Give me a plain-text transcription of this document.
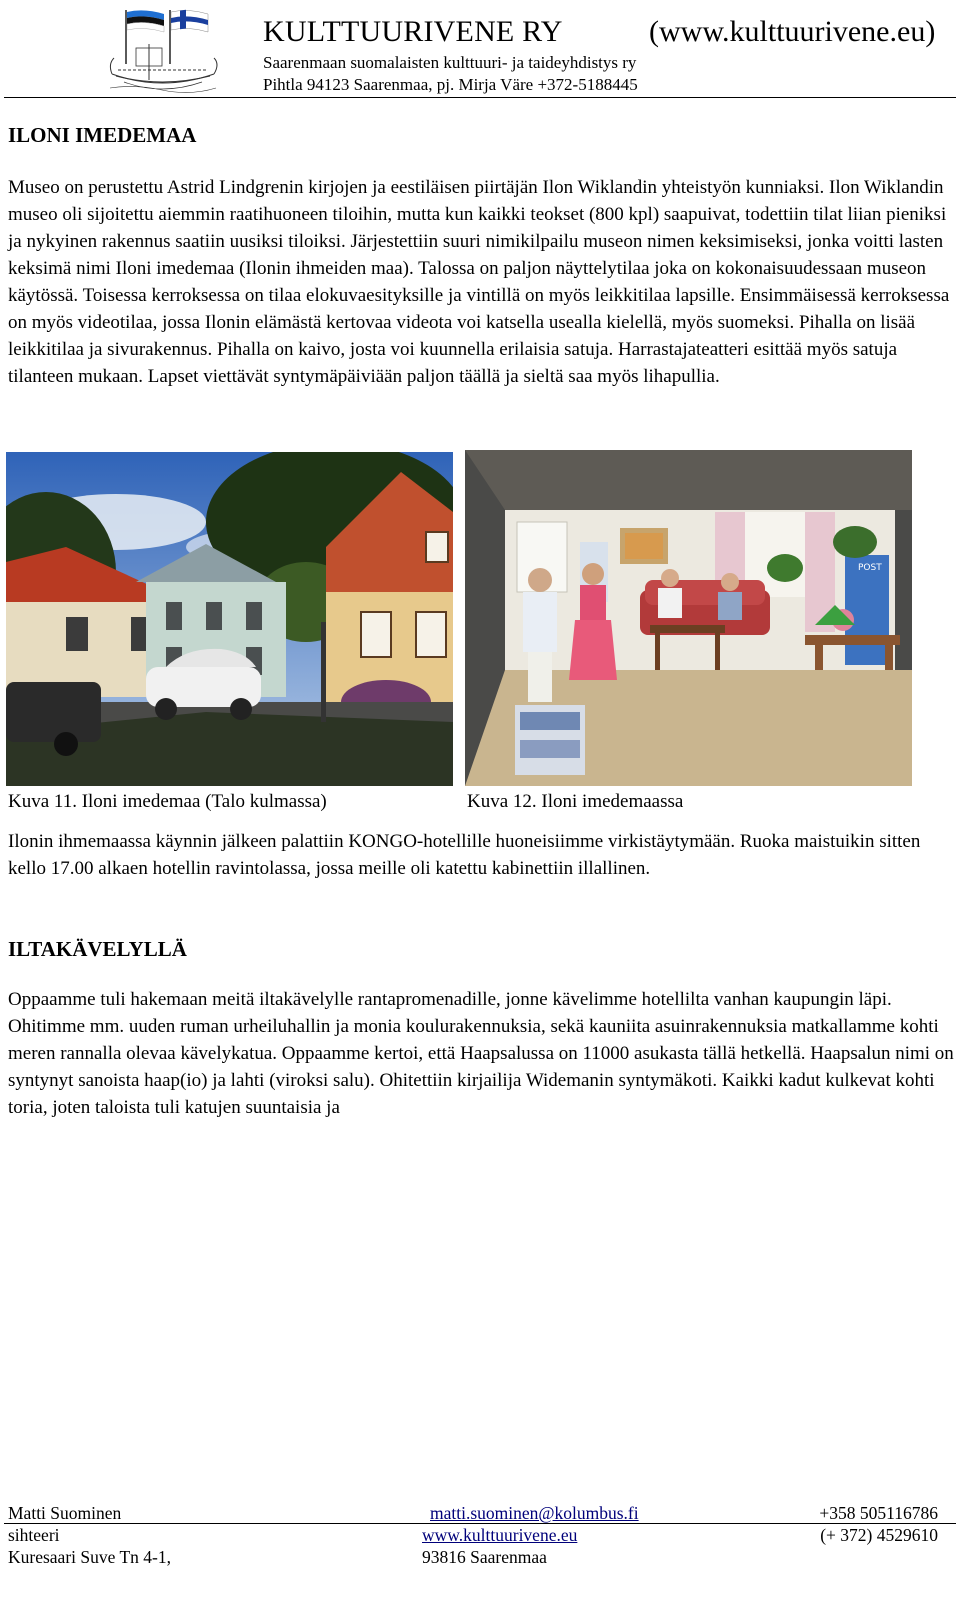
KULTTUURIVENE RY	(www.kulttuurivene.eu)
Saarenmaan suomalaisten kulttuuri- ja taideyhdistys ry
Pihtla 94123 Saarenmaa, pj. Mirja Väre +372-5188445
ILONI IMEDEMAA
Museo on perustettu Astrid Lindgrenin kirjojen ja eestiläisen piirtäjän Ilon Wiklandin yhteistyön kunniaksi. Ilon Wiklandin museo oli sijoitettu aiemmin raatihuoneen tiloihin, mutta kun kaikki teokset (800 kpl) saapuivat, todettiin tilat liian pieniksi ja nykyinen rakennus saatiin uusiksi tiloiksi. Järjestettiin suuri nimikilpailu museon nimen keksimiseksi, jonka voitti lasten keksimä nimi Iloni imedemaa (Ilonin ihmeiden maa). Talossa on paljon näyttelytilaa joka on kokonaisuudessaan museon käytössä. Toisessa kerroksessa on tilaa elokuvaesityksille ja vintillä on myös leikkitilaa lapsille. Ensimmäisessä kerroksessa on myös videotilaa, jossa Ilonin elämästä kertovaa videota voi katsella usealla kielellä, myös suomeksi. Pihalla on lisää leikkitilaa ja sivurakennus. Pihalla on kaivo, josta voi kuunnella erilaisia satuja. Harrastajateatteri esittää myös satuja tilanteen mukaan. Lapset viettävät syntymäpäiviään paljon täällä ja sieltä saa myös lihapullia.
POST
Kuva 11. Iloni imedemaa (Talo kulmassa)	Kuva 12. Iloni imedemaassa
Ilonin ihmemaassa käynnin jälkeen palattiin KONGO-hotellille huoneisiimme virkistäytymään. Ruoka maistuikin sitten kello 17.00 alkaen hotellin ravintolassa, jossa meille oli katettu kabinettiin illallinen.
ILTAKÄVELYLLÄ
Oppaamme tuli hakemaan meitä iltakävelylle rantapromenadille, jonne kävelimme hotellilta vanhan kaupungin läpi. Ohitimme mm. uuden ruman urheiluhallin ja monia koulurakennuksia, sekä kauniita asuinrakennuksia matkallamme kohti meren rannalla olevaa kävelykatua. Oppaamme kertoi, että Haapsalussa on 11000 asukasta tällä hetkellä. Haapsalun nimi on syntynyt sanoista haap(io) ja lahti (viroksi salu). Ohitettiin kirjailija Widemanin syntymäkoti. Kaikki kadut kulkevat kohti toria, joten taloista tuli katujen suuntaisia ja
Matti Suominen
sihteeri
Kuresaari Suve Tn 4-1,
matti.suominen@kolumbus.fi
www.kulttuurivene.eu
93816 Saarenmaa
+358 505116786
(+ 372) 4529610
